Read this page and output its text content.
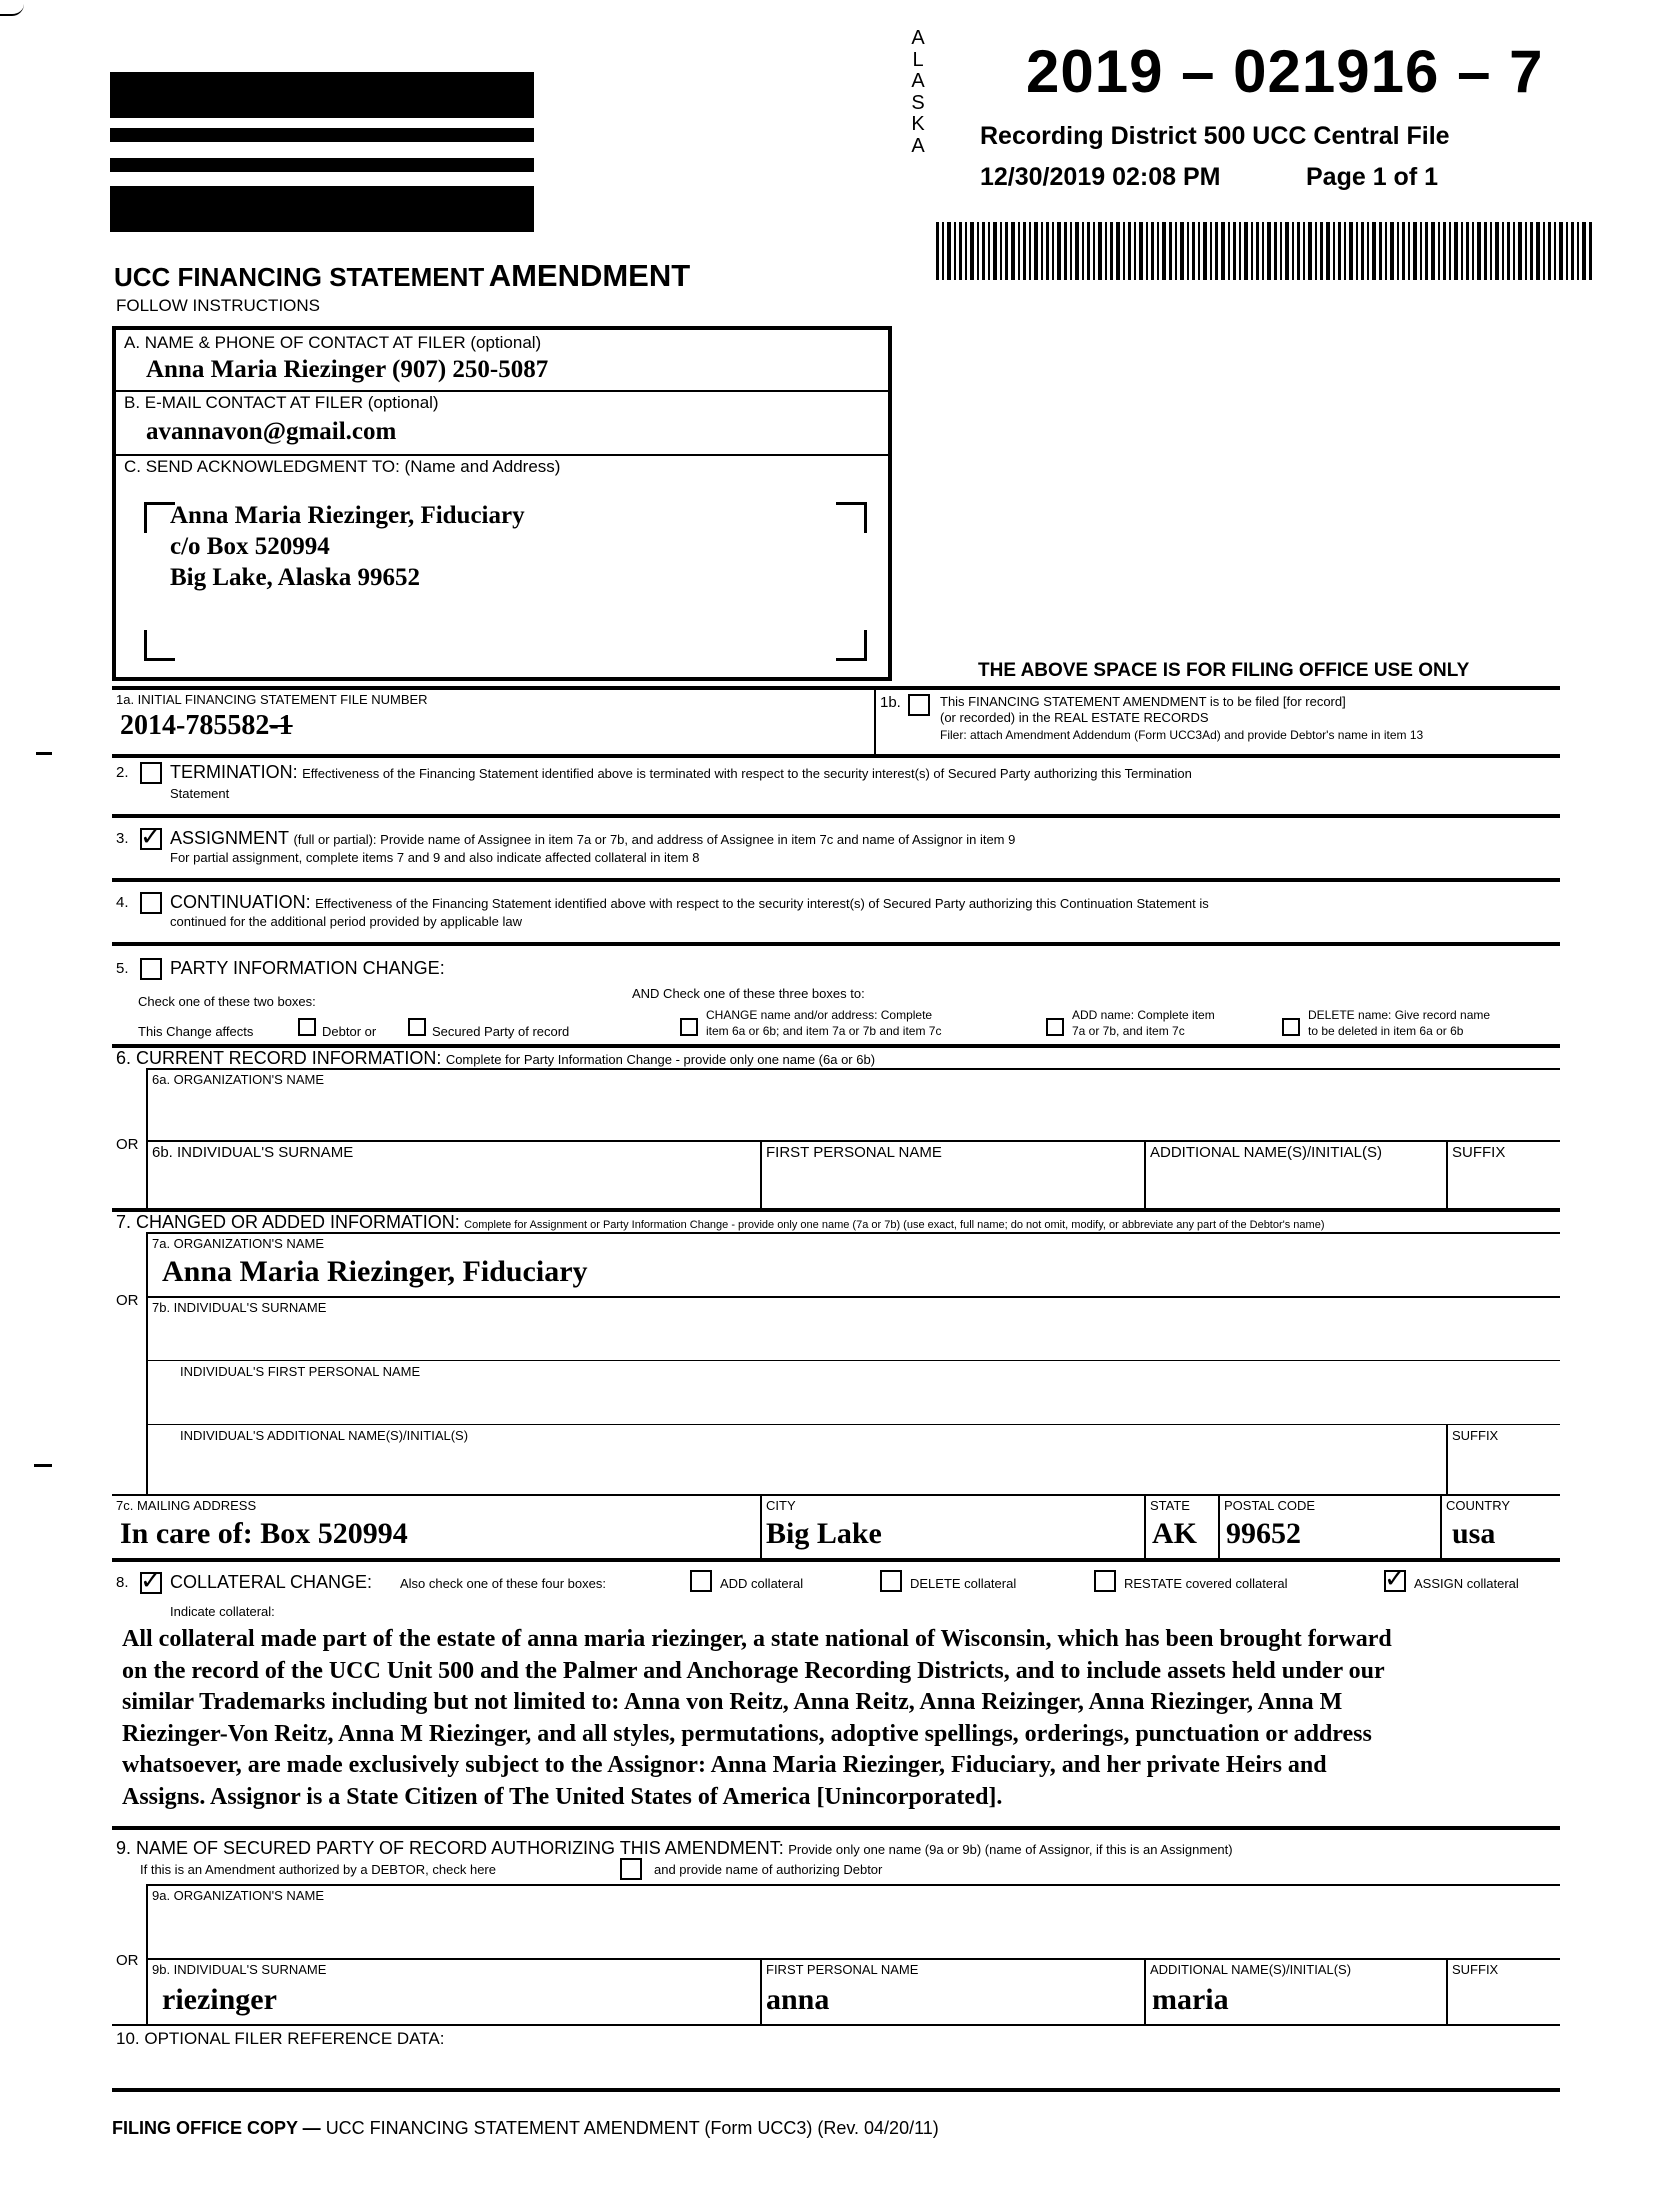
ALASKA
2019 – 021916 – 7
Recording District 500 UCC Central File
12/30/2019 02:08 PM	Page 1 of 1
UCC FINANCING STATEMENT AMENDMENT
FOLLOW INSTRUCTIONS
A. NAME & PHONE OF CONTACT AT FILER (optional)
Anna Maria Riezinger (907) 250-5087
B. E-MAIL CONTACT AT FILER (optional)
avannavon@gmail.com
C. SEND ACKNOWLEDGMENT TO: (Name and Address)
Anna Maria Riezinger, Fiduciary
c/o Box 520994
Big Lake, Alaska 99652
THE ABOVE SPACE IS FOR FILING OFFICE USE ONLY
1a. INITIAL FINANCING STATEMENT FILE NUMBER
2014-785582-1
1b.	This FINANCING STATEMENT AMENDMENT is to be filed [for record]
(or recorded) in the REAL ESTATE RECORDS
Filer: attach Amendment Addendum (Form UCC3Ad) and provide Debtor's name in item 13
2. TERMINATION: Effectiveness of the Financing Statement identified above is terminated with respect to the security interest(s) of Secured Party authorizing this Termination
Statement
3. ✓ ASSIGNMENT (full or partial): Provide name of Assignee in item 7a or 7b, and address of Assignee in item 7c and name of Assignor in item 9
For partial assignment, complete items 7 and 9 and also indicate affected collateral in item 8
4. CONTINUATION: Effectiveness of the Financing Statement identified above with respect to the security interest(s) of Secured Party authorizing this Continuation Statement is
continued for the additional period provided by applicable law
5. PARTY INFORMATION CHANGE:
Check one of these two boxes:
AND Check one of these three boxes to:
This Change affects	Debtor or	Secured Party of record
CHANGE name and/or address: Complete
item 6a or 6b; and item 7a or 7b and item 7c
ADD name: Complete item
7a or 7b, and item 7c
DELETE name: Give record name
to be deleted in item 6a or 6b
6. CURRENT RECORD INFORMATION: Complete for Party Information Change - provide only one name (6a or 6b)
6a. ORGANIZATION'S NAME
OR 6b. INDIVIDUAL'S SURNAME	FIRST PERSONAL NAME	ADDITIONAL NAME(S)/INITIAL(S)	SUFFIX
7. CHANGED OR ADDED INFORMATION: Complete for Assignment or Party Information Change - provide only one name (7a or 7b) (use exact, full name; do not omit, modify, or abbreviate any part of the Debtor's name)
7a. ORGANIZATION'S NAME
Anna Maria Riezinger, Fiduciary
OR 7b. INDIVIDUAL'S SURNAME
INDIVIDUAL'S FIRST PERSONAL NAME
INDIVIDUAL'S ADDITIONAL NAME(S)/INITIAL(S)	SUFFIX
7c. MAILING ADDRESS
In care of: Box 520994
CITY
Big Lake
STATE
AK
POSTAL CODE
99652
COUNTRY
usa
8. ✓ COLLATERAL CHANGE: Also check one of these four boxes:	ADD collateral	DELETE collateral	RESTATE covered collateral	✓ ASSIGN collateral
Indicate collateral:
All collateral made part of the estate of anna maria riezinger, a state national of Wisconsin, which has been brought forward
on the record of the UCC Unit 500 and the Palmer and Anchorage Recording Districts, and to include assets held under our
similar Trademarks including but not limited to: Anna von Reitz, Anna Reitz, Anna Reizinger, Anna Riezinger, Anna M
Riezinger-Von Reitz, Anna M Riezinger, and all styles, permutations, adoptive spellings, orderings, punctuation or address
whatsoever, are made exclusively subject to the Assignor: Anna Maria Riezinger, Fiduciary, and her private Heirs and
Assigns. Assignor is a State Citizen of The United States of America [Unincorporated].
9. NAME OF SECURED PARTY OF RECORD AUTHORIZING THIS AMENDMENT: Provide only one name (9a or 9b) (name of Assignor, if this is an Assignment)
If this is an Amendment authorized by a DEBTOR, check here	and provide name of authorizing Debtor
9a. ORGANIZATION'S NAME
OR
9b. INDIVIDUAL'S SURNAME
riezinger
FIRST PERSONAL NAME
anna
ADDITIONAL NAME(S)/INITIAL(S)
maria
SUFFIX
10. OPTIONAL FILER REFERENCE DATA:
FILING OFFICE COPY — UCC FINANCING STATEMENT AMENDMENT (Form UCC3) (Rev. 04/20/11)
